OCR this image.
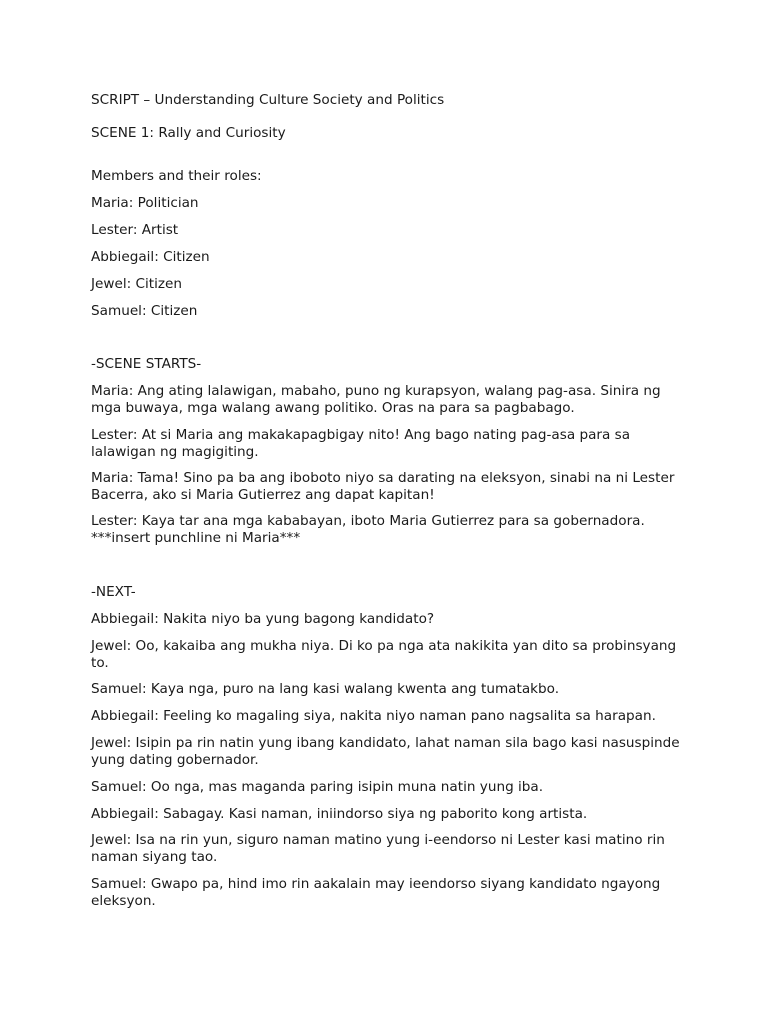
SCRIPT – Understanding Culture Society and Politics

SCENE 1: Rally and Curiosity

Members and their roles:

Maria: Politician

Lester: Artist

Abbiegail: Citizen

Jewel: Citizen

Samuel: Citizen

-SCENE STARTS-

Maria: Ang ating lalawigan, mabaho, puno ng kurapsyon, walang pag-asa. Sinira ng mga buwaya, mga walang awang politiko. Oras na para sa pagbabago.

Lester: At si Maria ang makakapagbigay nito! Ang bago nating pag-asa para sa lalawigan ng magigiting.

Maria: Tama! Sino pa ba ang iboboto niyo sa darating na eleksyon, sinabi na ni Lester Bacerra, ako si Maria Gutierrez ang dapat kapitan!

Lester: Kaya tar ana mga kababayan, iboto Maria Gutierrez para sa gobernadora. ***insert punchline ni Maria***

-NEXT-

Abbiegail: Nakita niyo ba yung bagong kandidato?

Jewel: Oo, kakaiba ang mukha niya. Di ko pa nga ata nakikita yan dito sa probinsyang to.

Samuel: Kaya nga, puro na lang kasi walang kwenta ang tumatakbo.

Abbiegail: Feeling ko magaling siya, nakita niyo naman pano nagsalita sa harapan.

Jewel: Isipin pa rin natin yung ibang kandidato, lahat naman sila bago kasi nasuspinde yung dating gobernador.

Samuel: Oo nga, mas maganda paring isipin muna natin yung iba.

Abbiegail: Sabagay. Kasi naman, iniindorso siya ng paborito kong artista.

Jewel: Isa na rin yun, siguro naman matino yung i-eendorso ni Lester kasi matino rin naman siyang tao.

Samuel: Gwapo pa, hind imo rin aakalain may ieendorso siyang kandidato ngayong eleksyon.
